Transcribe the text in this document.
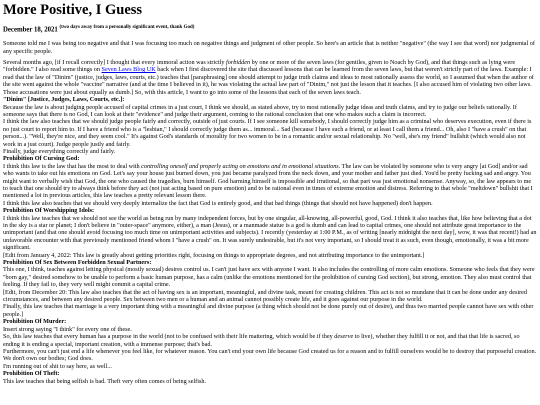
More Positive, I Guess
December 18, 2021 $^{(two days away from a personally significant event, thank God)}$

Someone told me I was being too negative and that I was focusing too much on negative things and judgment of other people. So here's an article that is neither "negative" (the way I see that word) nor judgmental of any specific people.

Several months ago, [if I recall correctly] I thought that every immoral action was strictly forbidden by one or more of the seven laws (for gentiles, given to Noach by God), and that things such as lying were "forbidden." I also read some things on Seven Laws Blog UK back when I first discovered the site that discussed lessons that can be learned from the seven laws, but that weren't strictly part of the laws. Example: I read that the law of "Dinim" (justice, judges, laws, courts, etc.) teaches that [paraphrasing] one should attempt to judge truth claims and ideas to most rationally assess the world, so I assumed that when the author of the site went against the whole "vaccine" narrative (and at the time I believed in it), he was violating the actual law part of "Dinim," not just the lesson that it teaches. [I also accused him of violating two other laws. Those accusations were just about equally as dumb.] So, with this article, I want to go into some of the lessons that each of the seven laws teach.

"Dinim" [Justice, Judges, Laws, Courts, etc.]:

Because the law is about judging people accused of capital crimes in a just court, I think we should, as stated above, try to most rationally judge ideas and truth claims, and try to judge our beliefs rationally. If someone says that there is no God, I can look at their "evidence" and judge their argument, coming to the rational conclusion that one who makes such a claim is incorrect.

I think the law also teaches that we should judge people fairly and correctly, outside of just courts. If I see someone kill somebody, I should correctly judge him as a criminal who deserves execution, even if there is no just court to report him to. If I have a friend who is a "lesbian," I should correctly judge them as... immoral... Sad (because I have such a friend, or at least I call them a friend... Oh, also I "have a crush" on that person...). "Well, they're nice, and they seem cool." It's against God's standards of morality for two women to be in a romantic and/or sexual relationship. No "well, she's my friend" bullshit (which would also not work in a just court). Judge people justly and fairly.

Finally, judge everything correctly and fairly.

Prohibition Of Cursing God:

I think this law is the law that has the most to deal with controlling oneself and properly acting on emotions and in emotional situations. The law can be violated by someone who is very angry [at God] and/or sad who wants to take out his emotions on God. Let's say your house just burned down, you just became paralyzed from the neck down, and your mother and father just died. You'd be pretty fucking sad and angry. You might want to verbally wish that God, the one who caused the tragedies, burn himself. God harming himself is impossible and irrational, so that part was just emotional nonsense. Anyway, so, the law appears to me to teach that one should try to always think before they act (not just acting based on pure emotion) and to be rational even in times of extreme emotion and distress. Referring to that whole "meltdown" bullshit that I mentioned a lot in previous articles, this law teaches a pretty relevant lesson there.

I think this law also teaches that we should very deeply internalize the fact that God is entirely good, and that bad things (things that should not have happened) don't happen.

Prohibition Of Worshipping Idols:

I think this law teaches that we should not see the world as being run by many independent forces, but by one singular, all-knowing, all-powerful, good, God. I think it also teaches that, like how believing that a dot in the sky is a star or planet; I don't believe in "outer-space" anymore, either), a man (Jesus), or a manmade statue is a god is dumb and can lead to capital crimes, one should not attribute great importance to the unimportant (and that one should avoid focusing too much time on unimportant activities and subjects). I recently (yesterday at 1:00 P.M., as of writing [nearly midnight the next day], wow, it was that recent!) had an unfavorable encounter with that previously mentioned friend whom I "have a crush" on. It was surely undesirable, but it's not very important, so I should treat it as such, even though, emotionally, it was a bit more significant.

[Edit from January 4, 2022: This law is greatly about getting priorities right, focusing on things to appropriate degrees, and not attributing importance to the unimportant.]

Prohibition Of Sex Between Forbidden Sexual Partners:

This one, I think, teaches against letting physical (mostly sexual) desires control us. I can't just have sex with anyone I want. It also includes the controlling of more calm emotions. Someone who feels that they were "born gay," desired somehow to be unable to perform a basic human purpose, has a calm (unlike the emotions mentioned for the prohibition of cursing God section), but strong, emotion. They also must control that feeling. If they fail to, they very well might commit a capital crime.

[Edit, from December 20: This law also teaches that the act of having sex is an important, meaningful, and divine task, meant for creating children. This act is not so mundane that it can be done under any desired circumstances, and between any desired people. Sex between two men or a human and an animal cannot possibly create life, and it goes against our purpose in the world.

Finally, this law teaches that marriage is a very important thing with a meaningful and divine purpose (a thing which should not be done purely out of desire), and thus two married people cannot have sex with other people.]

Prohibition Of Murder:

Insert strong saying "I think" for every one of these.

So, this law teaches that every human has a purpose in the world (not to be confused with their life mattering, which would be if they deserve to live), whether they fulfill it or not, and that that life is sacred, so ending it is ending a special, important creation, with a immense purpose; that's bad.

Furthermore, you can't just end a life whenever you feel like, for whatever reason. You can't end your own life because God created us for a reason and to fulfill ourselves would be to destroy that purposeful creation. We don't own our bodies; God does.

I'm running out of shit to say here, as well...

Prohibition Of Theft:

This law teaches that being selfish is bad. Theft very often comes of being selfish.
